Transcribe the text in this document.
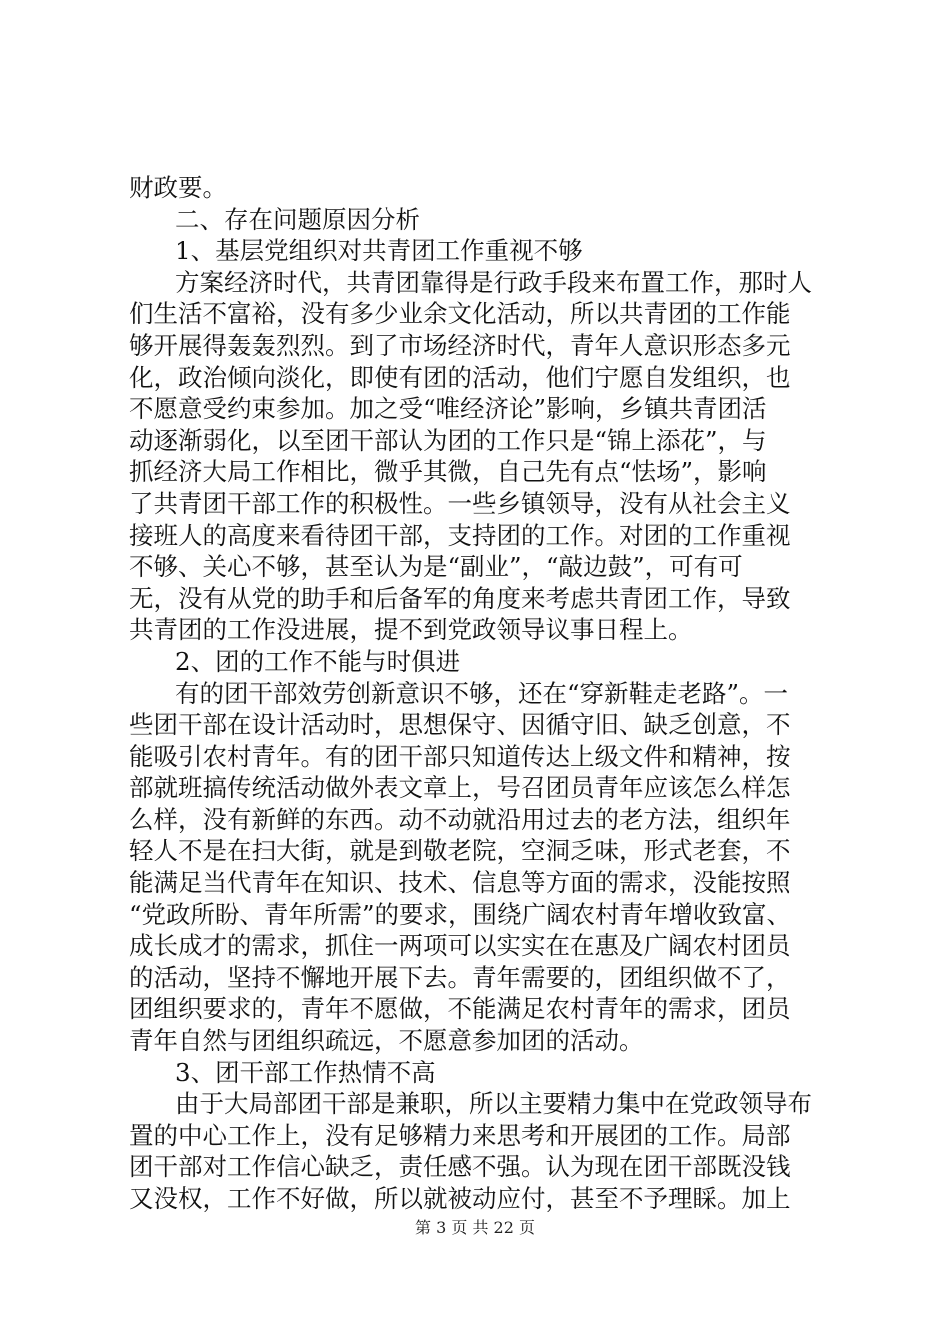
财政要。
二、存在问题原因分析
1、基层党组织对共青团工作重视不够
方案经济时代，共青团靠得是行政手段来布置工作，那时人
们生活不富裕，没有多少业余文化活动，所以共青团的工作能
够开展得轰轰烈烈。到了市场经济时代，青年人意识形态多元
化，政治倾向淡化，即使有团的活动，他们宁愿自发组织，也
不愿意受约束参加。加之受“唯经济论”影响，乡镇共青团活
动逐渐弱化，以至团干部认为团的工作只是“锦上添花”，与
抓经济大局工作相比，微乎其微，自己先有点“怯场”，影响
了共青团干部工作的积极性。一些乡镇领导，没有从社会主义
接班人的高度来看待团干部，支持团的工作。对团的工作重视
不够、关心不够，甚至认为是“副业”，“敲边鼓”，可有可
无，没有从党的助手和后备军的角度来考虑共青团工作，导致
共青团的工作没进展，提不到党政领导议事日程上。
2、团的工作不能与时俱进
有的团干部效劳创新意识不够，还在“穿新鞋走老路”。一
些团干部在设计活动时，思想保守、因循守旧、缺乏创意，不
能吸引农村青年。有的团干部只知道传达上级文件和精神，按
部就班搞传统活动做外表文章上，号召团员青年应该怎么样怎
么样，没有新鲜的东西。动不动就沿用过去的老方法，组织年
轻人不是在扫大街，就是到敬老院，空洞乏味，形式老套，不
能满足当代青年在知识、技术、信息等方面的需求，没能按照
“党政所盼、青年所需”的要求，围绕广阔农村青年增收致富、
成长成才的需求，抓住一两项可以实实在在惠及广阔农村团员
的活动，坚持不懈地开展下去。青年需要的，团组织做不了，
团组织要求的，青年不愿做，不能满足农村青年的需求，团员
青年自然与团组织疏远，不愿意参加团的活动。
3、团干部工作热情不高
由于大局部团干部是兼职，所以主要精力集中在党政领导布
置的中心工作上，没有足够精力来思考和开展团的工作。局部
团干部对工作信心缺乏，责任感不强。认为现在团干部既没钱
又没权，工作不好做，所以就被动应付，甚至不予理睬。加上
第 3 页 共 22 页
